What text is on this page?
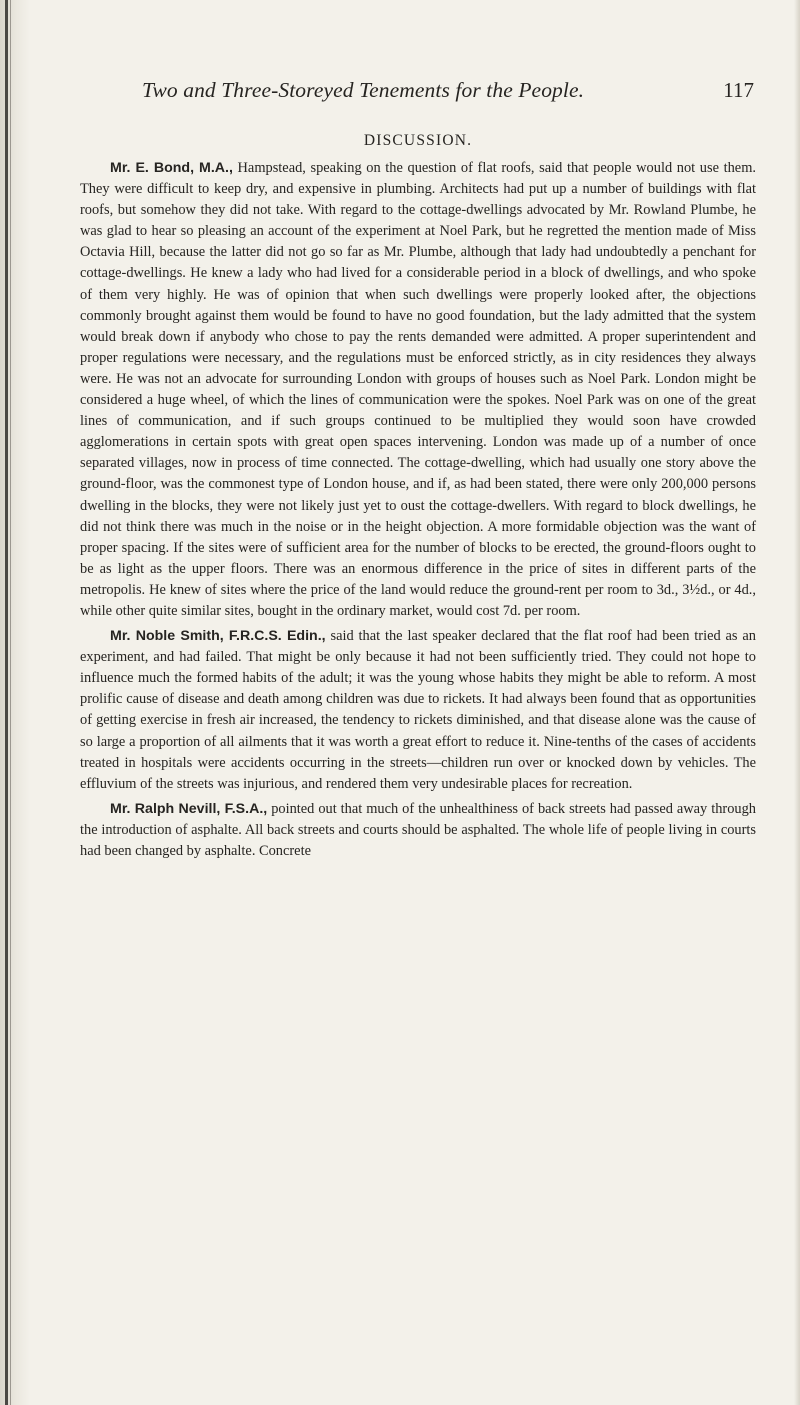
Two and Three-Storeyed Tenements for the People.	117
DISCUSSION.

Mr. E. Bond, M.A., Hampstead, speaking on the question of flat roofs, said that people would not use them. They were difficult to keep dry, and expensive in plumbing. Architects had put up a number of buildings with flat roofs, but somehow they did not take. With regard to the cottage-dwellings advocated by Mr. Rowland Plumbe, he was glad to hear so pleasing an account of the experiment at Noel Park, but he regretted the mention made of Miss Octavia Hill, because the latter did not go so far as Mr. Plumbe, although that lady had undoubtedly a penchant for cottage-dwellings. He knew a lady who had lived for a considerable period in a block of dwellings, and who spoke of them very highly. He was of opinion that when such dwellings were properly looked after, the objections commonly brought against them would be found to have no good foundation, but the lady admitted that the system would break down if anybody who chose to pay the rents demanded were admitted. A proper superintendent and proper regulations were necessary, and the regulations must be enforced strictly, as in city residences they always were. He was not an advocate for surrounding London with groups of houses such as Noel Park. London might be considered a huge wheel, of which the lines of communication were the spokes. Noel Park was on one of the great lines of communication, and if such groups continued to be multiplied they would soon have crowded agglomerations in certain spots with great open spaces intervening. London was made up of a number of once separated villages, now in process of time connected. The cottage-dwelling, which had usually one story above the ground-floor, was the commonest type of London house, and if, as had been stated, there were only 200,000 persons dwelling in the blocks, they were not likely just yet to oust the cottage-dwellers. With regard to block dwellings, he did not think there was much in the noise or in the height objection. A more formidable objection was the want of proper spacing. If the sites were of sufficient area for the number of blocks to be erected, the ground-floors ought to be as light as the upper floors. There was an enormous difference in the price of sites in different parts of the metropolis. He knew of sites where the price of the land would reduce the ground-rent per room to 3d., 3½d., or 4d., while other quite similar sites, bought in the ordinary market, would cost 7d. per room.

Mr. Noble Smith, F.R.C.S. Edin., said that the last speaker declared that the flat roof had been tried as an experiment, and had failed. That might be only because it had not been sufficiently tried. They could not hope to influence much the formed habits of the adult; it was the young whose habits they might be able to reform. A most prolific cause of disease and death among children was due to rickets. It had always been found that as opportunities of getting exercise in fresh air increased, the tendency to rickets diminished, and that disease alone was the cause of so large a proportion of all ailments that it was worth a great effort to reduce it. Nine-tenths of the cases of accidents treated in hospitals were accidents occurring in the streets—children run over or knocked down by vehicles. The effluvium of the streets was injurious, and rendered them very undesirable places for recreation.

Mr. Ralph Nevill, F.S.A., pointed out that much of the unhealthiness of back streets had passed away through the introduction of asphalte. All back streets and courts should be asphalted. The whole life of people living in courts had been changed by asphalte. Concrete
